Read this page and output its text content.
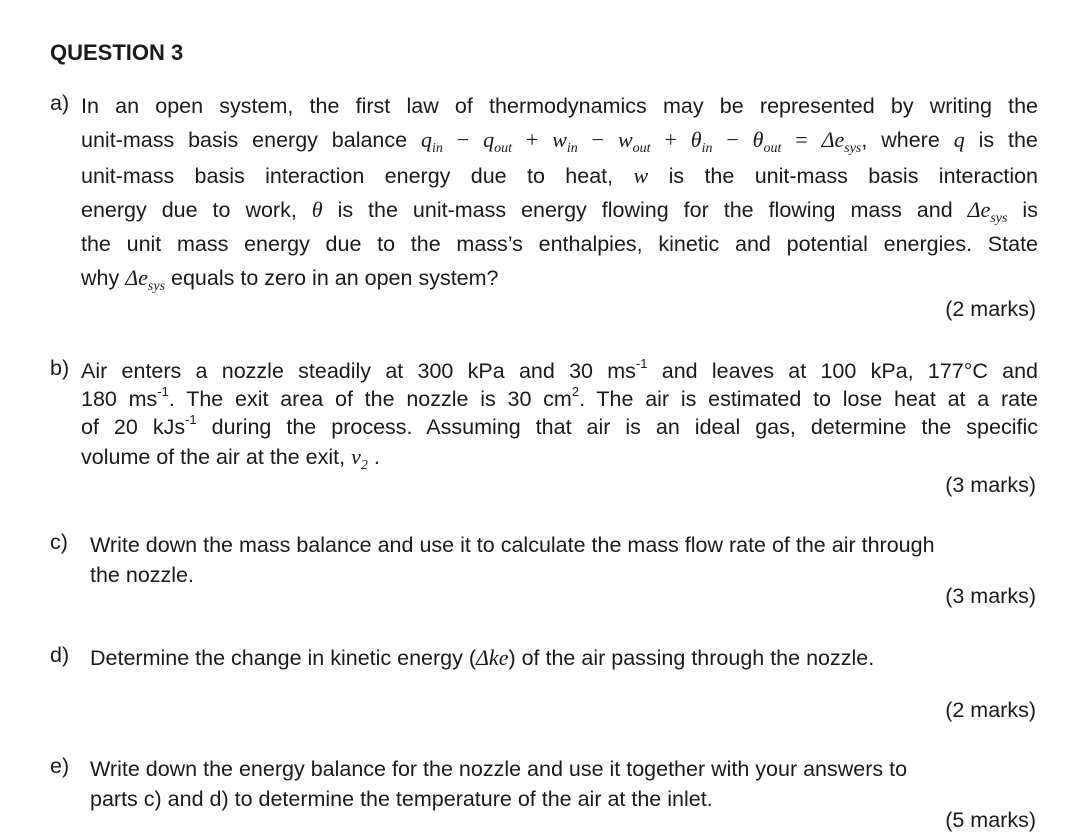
QUESTION 3
a) In an open system, the first law of thermodynamics may be represented by writing the
unit-mass basis energy balance $q_{in} - q_{out} + w_{in} - w_{out} + \theta_{in} - \theta_{out} = \Delta e_{sys}$, where q is the
unit-mass basis interaction energy due to heat, w is the unit-mass basis interaction
energy due to work, θ is the unit-mass energy flowing for the flowing mass and $\Delta e_{sys}$ is
the unit mass energy due to the mass’s enthalpies, kinetic and potential energies. State
why $\Delta e_{sys}$ equals to zero in an open system?
(2 marks)
b) Air enters a nozzle steadily at 300 kPa and 30 $ms^{-1}$ and leaves at 100 kPa, 177°C and
180 $ms^{-1}$. The exit area of the nozzle is 30 $cm^2$. The air is estimated to lose heat at a rate
of 20 kJs$^{-1}$ during the process. Assuming that air is an ideal gas, determine the specific
volume of the air at the exit, $v_2$ .
(3 marks)
c) Write down the mass balance and use it to calculate the mass flow rate of the air through
the nozzle.
(3 marks)
d) Determine the change in kinetic energy (Δke) of the air passing through the nozzle.
(2 marks)
e) Write down the energy balance for the nozzle and use it together with your answers to
parts c) and d) to determine the temperature of the air at the inlet.
(5 marks)
